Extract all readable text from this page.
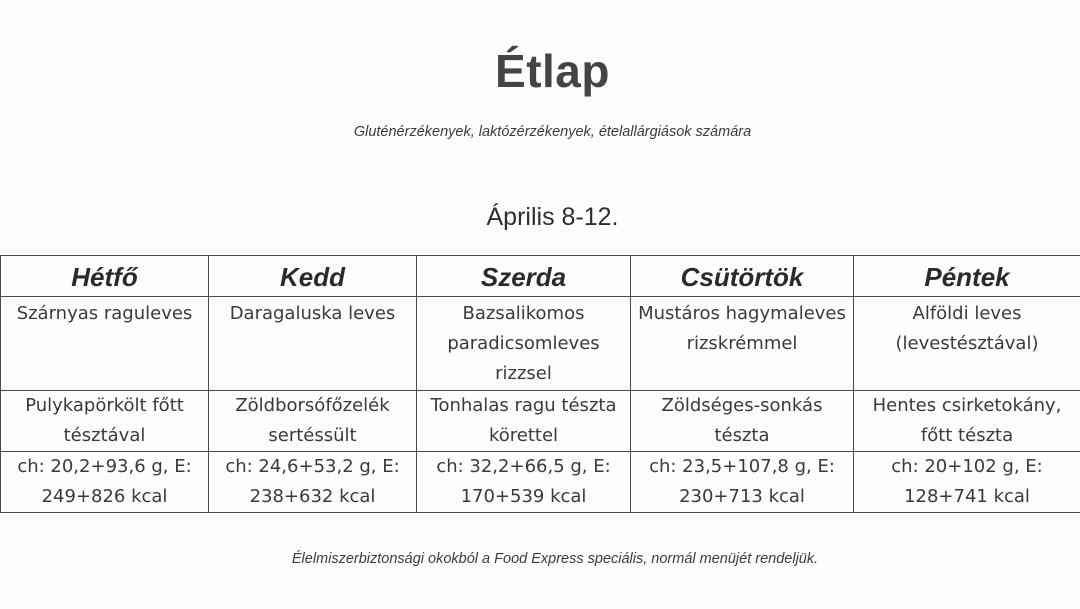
Étlap
Gluténérzékenyek, laktózérzékenyek, ételallárgiások számára
Április 8-12.
Hétfő	Kedd	Szerda	Csütörtök	Péntek
Szárnyas raguleves	Daragaluska leves	Bazsalikomos paradicsomleves rizzsel	Mustáros hagymaleves rizskrémmel	Alföldi leves (levestésztával)
Pulykapörkölt főtt tésztával	Zöldborsófőzelék sertéssült	Tonhalas ragu tészta körettel	Zöldséges-sonkás tészta	Hentes csirketokány, főtt tészta
ch: 20,2+93,6 g, E: 249+826 kcal	ch: 24,6+53,2 g, E: 238+632 kcal	ch: 32,2+66,5 g, E: 170+539 kcal	ch: 23,5+107,8 g, E: 230+713 kcal	ch: 20+102 g, E: 128+741 kcal
Élelmiszerbiztonsági okokból a Food Express speciális, normál menüjét rendeljük.
